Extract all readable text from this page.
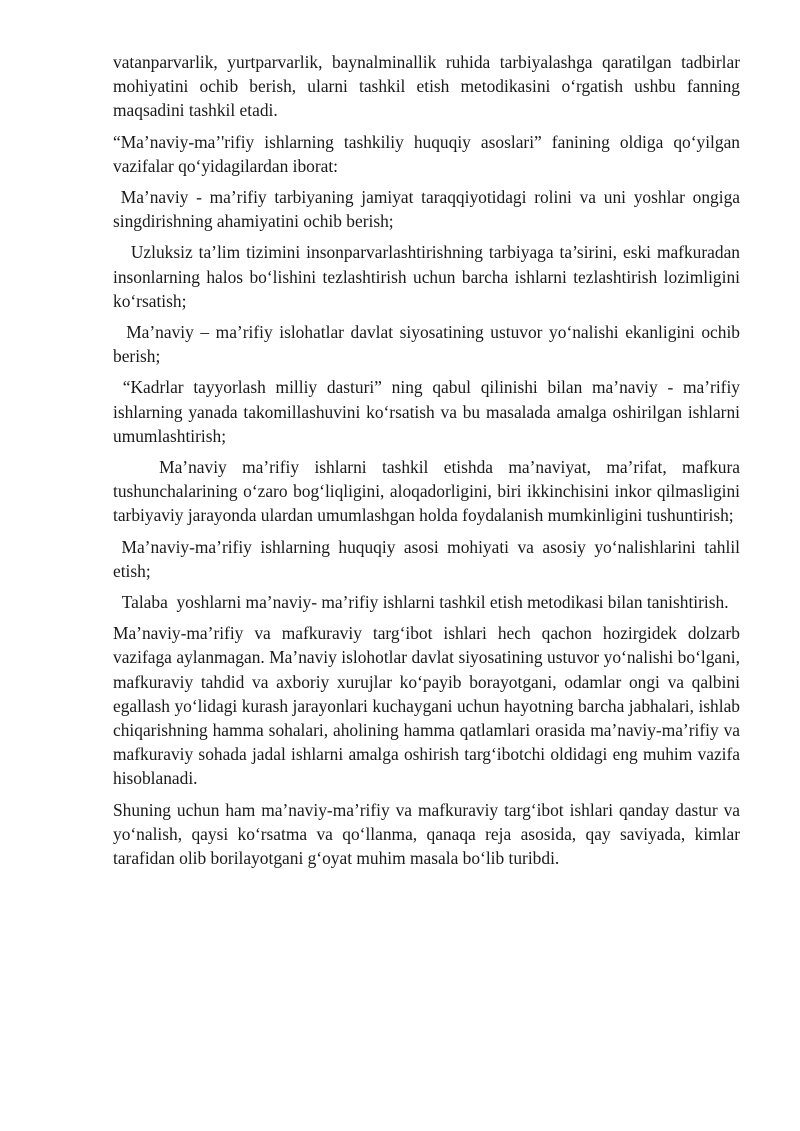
vatanparvarlik, yurtparvarlik, baynalminallik ruhida tarbiyalashga qaratilgan tadbirlar mohiyatini ochib berish, ularni tashkil etish metodikasini o‘rgatish ushbu fanning maqsadini tashkil etadi.

“Ma’naviy-ma’'rifiy ishlarning tashkiliy huquqiy asoslari” fanining oldiga qo‘yilgan vazifalar qo‘yidagilardan iborat:

Ma’naviy - ma’rifiy tarbiyaning jamiyat taraqqiyotidagi rolini va uni yoshlar ongiga singdirishning ahamiyatini ochib berish;

Uzluksiz ta’lim tizimini insonparvarlashtirishning tarbiyaga ta’sirini, eski mafkuradan insonlarning halos bo‘lishini tezlashtirish uchun barcha ishlarni tezlashtirish lozimligini ko‘rsatish;

Ma’naviy – ma’rifiy islohatlar davlat siyosatining ustuvor yo‘nalishi ekanligini ochib berish;

“Kadrlar tayyorlash milliy dasturi” ning qabul qilinishi bilan ma’naviy - ma’rifiy ishlarning yanada takomillashuvini ko‘rsatish va bu masalada amalga oshirilgan ishlarni umumlashtirish;

Ma’naviy ma’rifiy ishlarni tashkil etishda ma’naviyat, ma’rifat, mafkura tushunchalarining o‘zaro bog‘liqligini, aloqadorligini, biri ikkinchisini inkor qilmasligini tarbiyaviy jarayonda ulardan umumlashgan holda foydalanish mumkinligini tushuntirish;

Ma’naviy-ma’rifiy ishlarning huquqiy asosi mohiyati va asosiy yo‘nalishlarini tahlil etish;

Talaba  yoshlarni ma’naviy- ma’rifiy ishlarni tashkil etish metodikasi bilan tanishtirish.

Ma’naviy-ma’rifiy va mafkuraviy targ‘ibot ishlari hech qachon hozirgidek dolzarb vazifaga aylanmagan. Ma’naviy islohotlar davlat siyosatining ustuvor yo‘nalishi bo‘lgani, mafkuraviy tahdid va axboriy xurujlar ko‘payib borayotgani, odamlar ongi va qalbini egallash yo‘lidagi kurash jarayonlari kuchaygani uchun hayotning barcha jabhalari, ishlab chiqarishning hamma sohalari, aholining hamma qatlamlari orasida ma’naviy-ma’rifiy va mafkuraviy sohada jadal ishlarni amalga oshirish targ‘ibotchi oldidagi eng muhim vazifa hisoblanadi.

Shuning uchun ham ma’naviy-ma’rifiy va mafkuraviy targ‘ibot ishlari qanday dastur va yo‘nalish, qaysi ko‘rsatma va qo‘llanma, qanaqa reja asosida, qay saviyada, kimlar tarafidan olib borilayotgani g‘oyat muhim masala bo‘lib turibdi.
